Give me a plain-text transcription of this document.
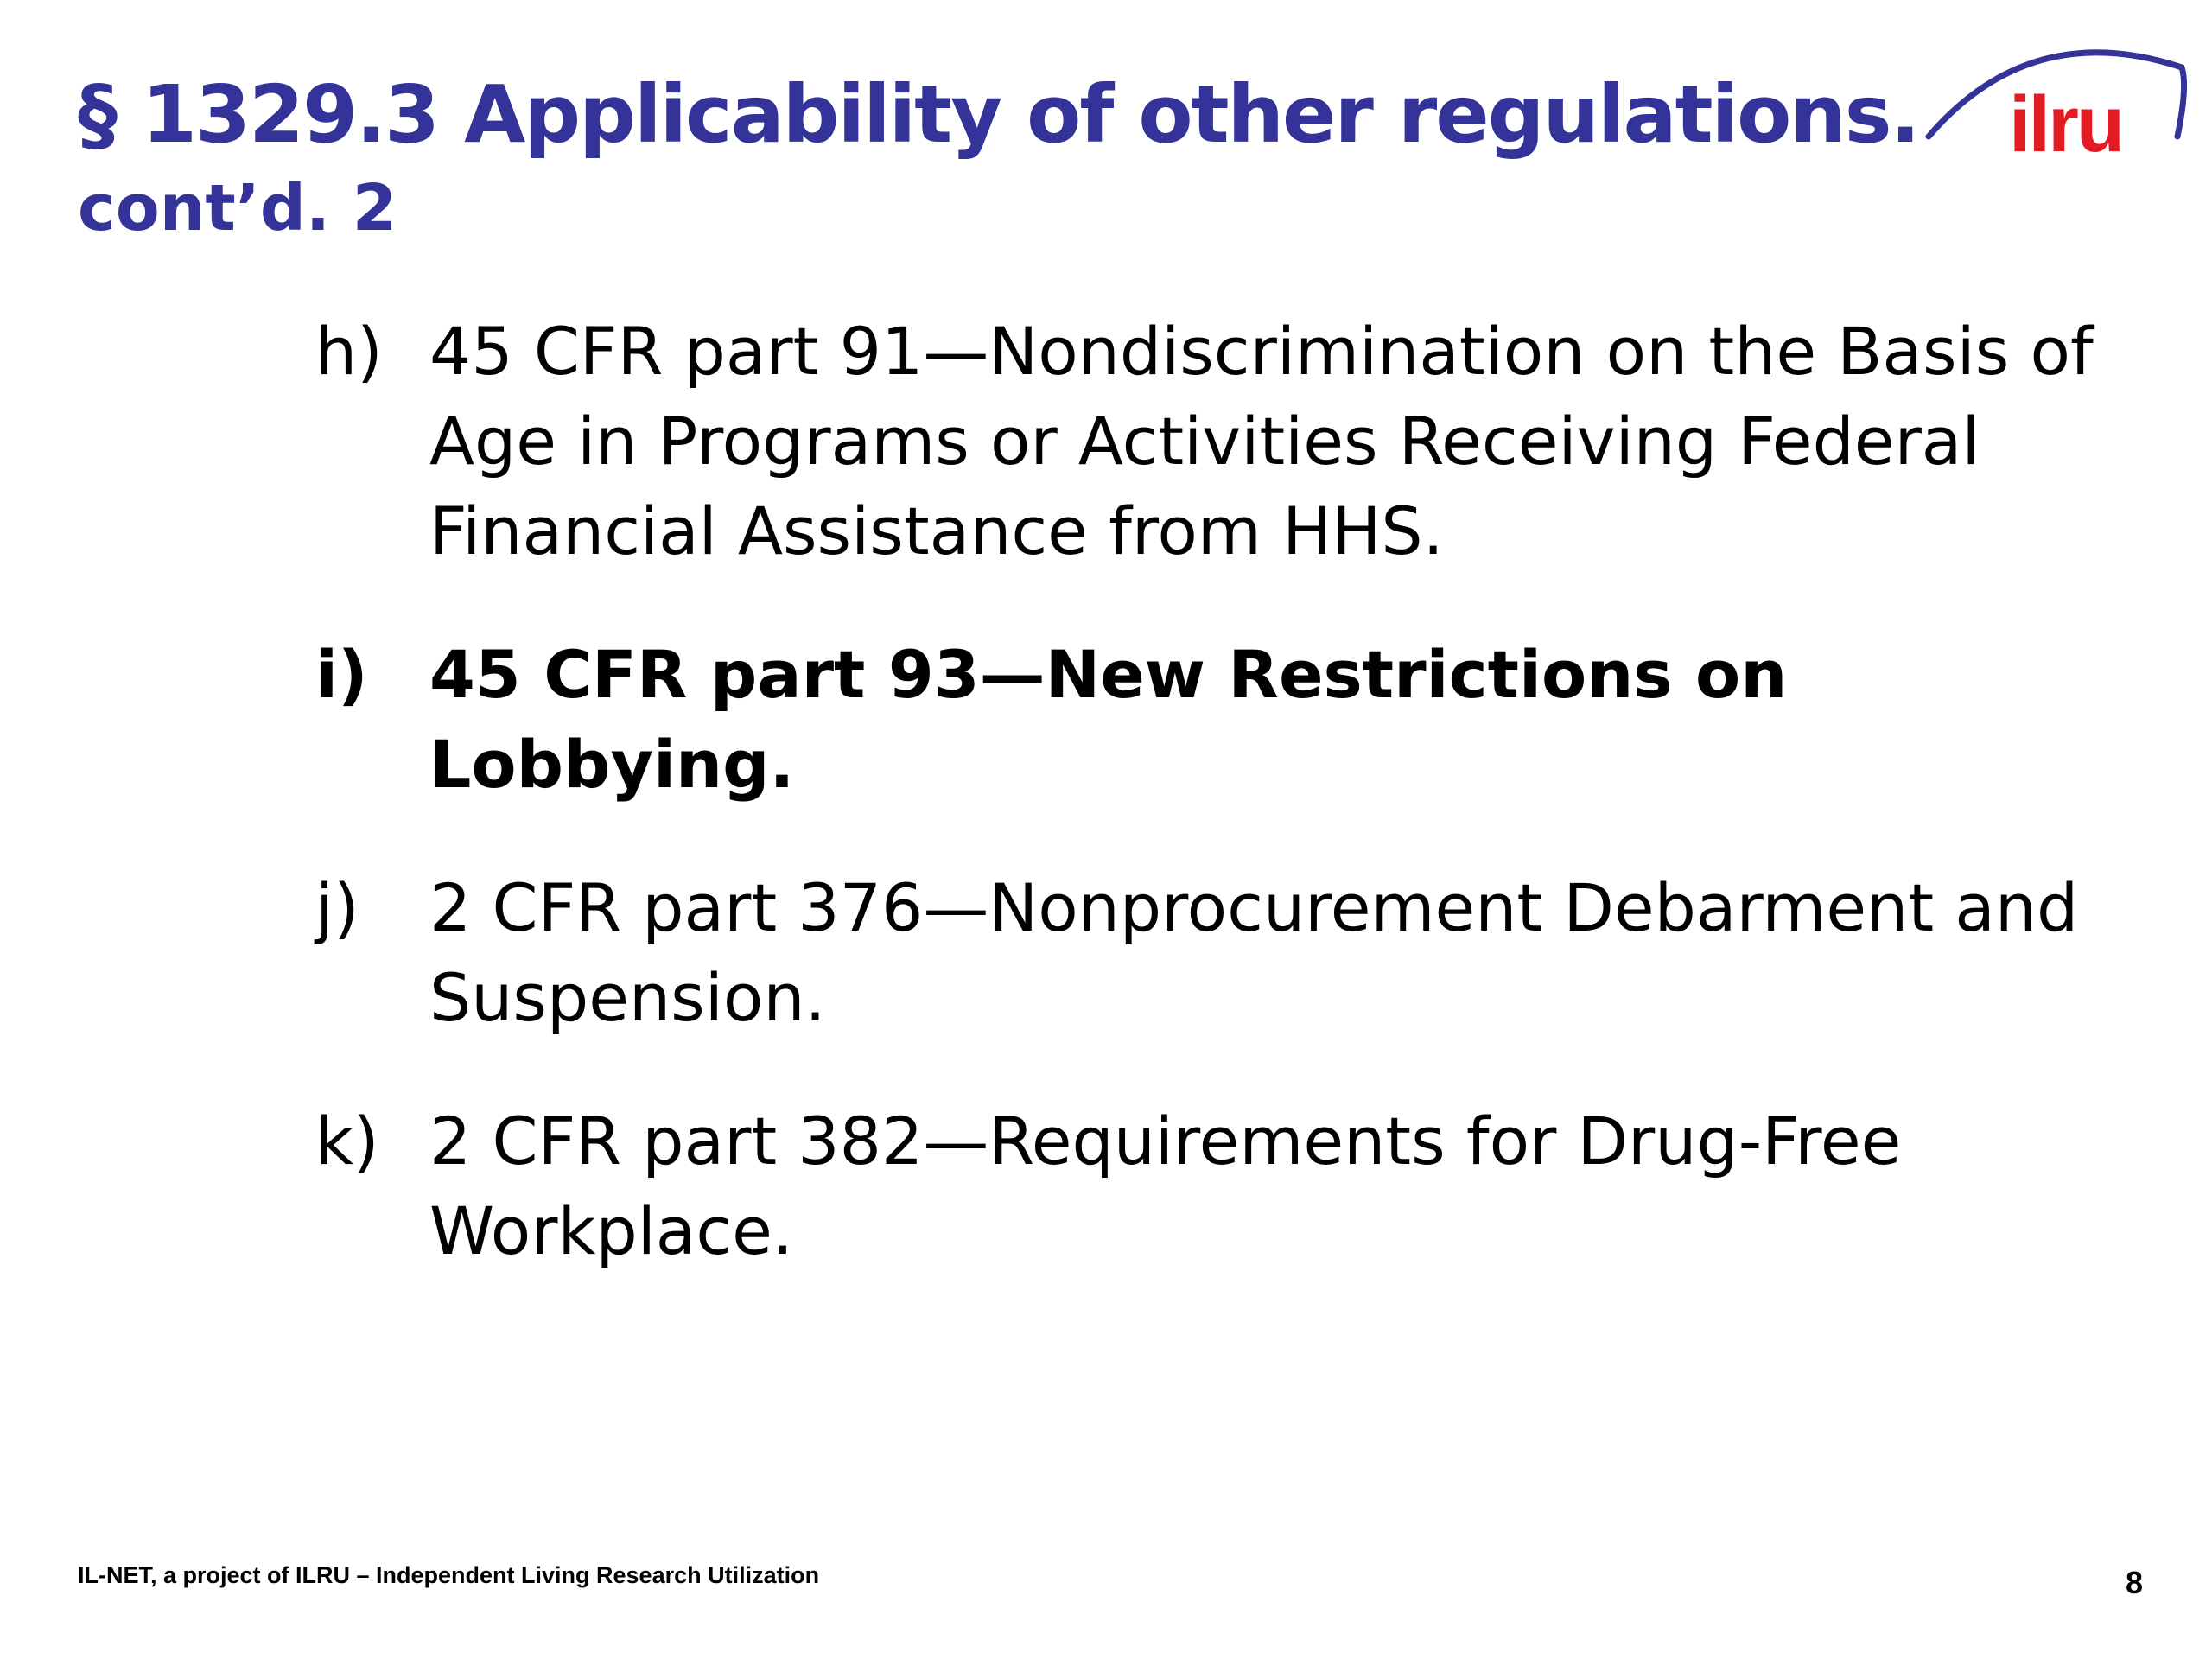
§ 1329.3 Applicability of other regulations.
cont’d. 2
ilru
h) 45 CFR part 91—Nondiscrimination on the Basis of Age in Programs or Activities Receiving Federal Financial Assistance from HHS.
i) 45 CFR part 93—New Restrictions on Lobbying.
j) 2 CFR part 376—Nonprocurement Debarment and Suspension.
k) 2 CFR part 382—Requirements for Drug-Free Workplace.
IL-NET, a project of ILRU – Independent Living Research Utilization	8
